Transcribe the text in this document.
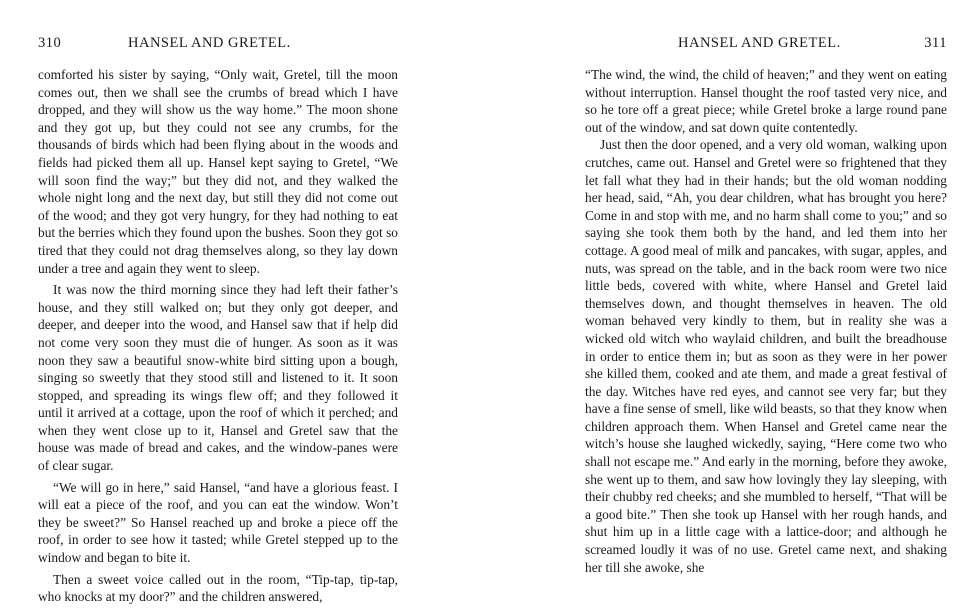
310	HANSEL AND GRETEL.

comforted his sister by saying, “Only wait, Gretel, till the moon comes out, then we shall see the crumbs of bread which I have dropped, and they will show us the way home.” The moon shone and they got up, but they could not see any crumbs, for the thousands of birds which had been flying about in the woods and fields had picked them all up. Hansel kept saying to Gretel, “We will soon find the way;” but they did not, and they walked the whole night long and the next day, but still they did not come out of the wood; and they got very hungry, for they had nothing to eat but the berries which they found upon the bushes. Soon they got so tired that they could not drag themselves along, so they lay down under a tree and again they went to sleep.

It was now the third morning since they had left their father’s house, and they still walked on; but they only got deeper, and deeper, and deeper into the wood, and Hansel saw that if help did not come very soon they must die of hunger. As soon as it was noon they saw a beautiful snow-white bird sitting upon a bough, singing so sweetly that they stood still and listened to it. It soon stopped, and spreading its wings flew off; and they followed it until it arrived at a cottage, upon the roof of which it perched; and when they went close up to it, Hansel and Gretel saw that the house was made of bread and cakes, and the window-panes were of clear sugar.

“We will go in here,” said Hansel, “and have a glorious feast. I will eat a piece of the roof, and you can eat the window. Won’t they be sweet?” So Hansel reached up and broke a piece off the roof, in order to see how it tasted; while Gretel stepped up to the window and began to bite it.

Then a sweet voice called out in the room, “Tip-tap, tip-tap, who knocks at my door?” and the children answered,

HANSEL AND GRETEL.	311

“The wind, the wind, the child of heaven;” and they went on eating without interruption. Hansel thought the roof tasted very nice, and so he tore off a great piece; while Gretel broke a large round pane out of the window, and sat down quite contentedly.

Just then the door opened, and a very old woman, walking upon crutches, came out. Hansel and Gretel were so frightened that they let fall what they had in their hands; but the old woman nodding her head, said, “Ah, you dear children, what has brought you here? Come in and stop with me, and no harm shall come to you;” and so saying she took them both by the hand, and led them into her cottage. A good meal of milk and pancakes, with sugar, apples, and nuts, was spread on the table, and in the back room were two nice little beds, covered with white, where Hansel and Gretel laid themselves down, and thought themselves in heaven. The old woman behaved very kindly to them, but in reality she was a wicked old witch who waylaid children, and built the breadhouse in order to entice them in; but as soon as they were in her power she killed them, cooked and ate them, and made a great festival of the day. Witches have red eyes, and cannot see very far; but they have a fine sense of smell, like wild beasts, so that they know when children approach them. When Hansel and Gretel came near the witch’s house she laughed wickedly, saying, “Here come two who shall not escape me.” And early in the morning, before they awoke, she went up to them, and saw how lovingly they lay sleeping, with their chubby red cheeks; and she mumbled to herself, “That will be a good bite.” Then she took up Hansel with her rough hands, and shut him up in a little cage with a lattice-door; and although he screamed loudly it was of no use. Gretel came next, and shaking her till she awoke, she
